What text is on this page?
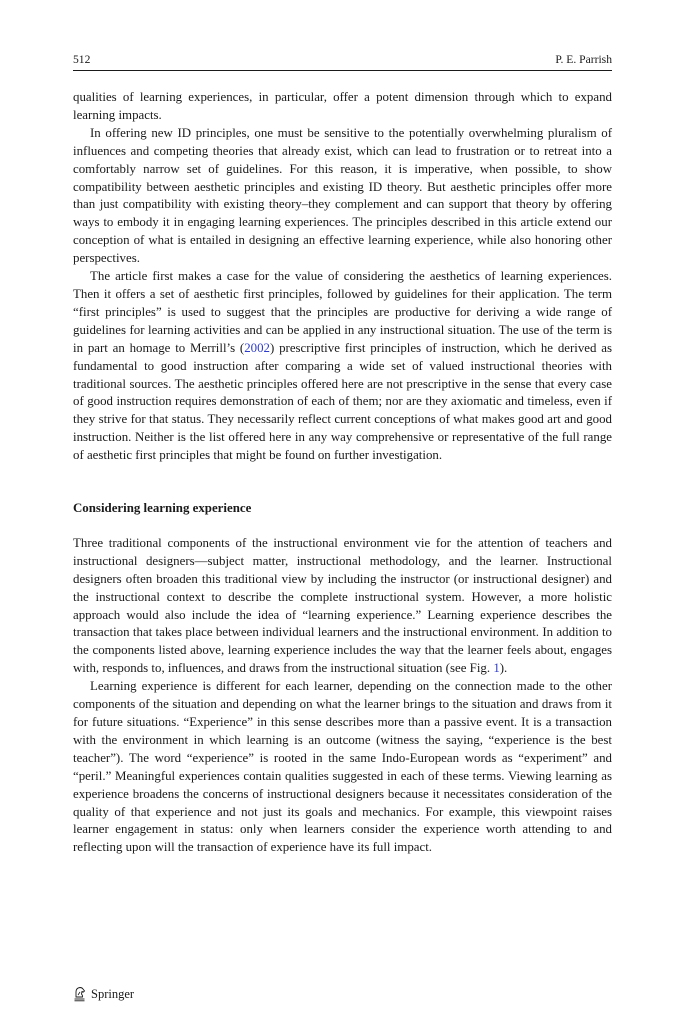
512	P. E. Parrish

qualities of learning experiences, in particular, offer a potent dimension through which to expand learning impacts.

In offering new ID principles, one must be sensitive to the potentially overwhelming pluralism of influences and competing theories that already exist, which can lead to frustration or to retreat into a comfortably narrow set of guidelines. For this reason, it is imperative, when possible, to show compatibility between aesthetic principles and existing ID theory. But aesthetic principles offer more than just compatibility with existing theory–they complement and can support that theory by offering ways to embody it in engaging learning experiences. The principles described in this article extend our conception of what is entailed in designing an effective learning experience, while also honoring other perspectives.

The article first makes a case for the value of considering the aesthetics of learning experiences. Then it offers a set of aesthetic first principles, followed by guidelines for their application. The term “first principles” is used to suggest that the principles are productive for deriving a wide range of guidelines for learning activities and can be applied in any instructional situation. The use of the term is in part an homage to Merrill’s (2002) prescriptive first principles of instruction, which he derived as fundamental to good instruction after comparing a wide set of valued instructional theories with traditional sources. The aesthetic principles offered here are not prescriptive in the sense that every case of good instruction requires demonstration of each of them; nor are they axiomatic and timeless, even if they strive for that status. They necessarily reflect current conceptions of what makes good art and good instruction. Neither is the list offered here in any way comprehensive or representative of the full range of aesthetic first principles that might be found on further investigation.

Considering learning experience

Three traditional components of the instructional environment vie for the attention of teachers and instructional designers—subject matter, instructional methodology, and the learner. Instructional designers often broaden this traditional view by including the instructor (or instructional designer) and the instructional context to describe the complete instructional system. However, a more holistic approach would also include the idea of “learning experience.” Learning experience describes the transaction that takes place between individual learners and the instructional environment. In addition to the components listed above, learning experience includes the way that the learner feels about, engages with, responds to, influences, and draws from the instructional situation (see Fig. 1).

Learning experience is different for each learner, depending on the connection made to the other components of the situation and depending on what the learner brings to the situation and draws from it for future situations. “Experience” in this sense describes more than a passive event. It is a transaction with the environment in which learning is an outcome (witness the saying, “experience is the best teacher”). The word “experience” is rooted in the same Indo-European words as “experiment” and “peril.” Meaningful experiences contain qualities suggested in each of these terms. Viewing learning as experience broadens the concerns of instructional designers because it necessitates consideration of the quality of that experience and not just its goals and mechanics. For example, this viewpoint raises learner engagement in status: only when learners consider the experience worth attending to and reflecting upon will the transaction of experience have its full impact.

Springer
